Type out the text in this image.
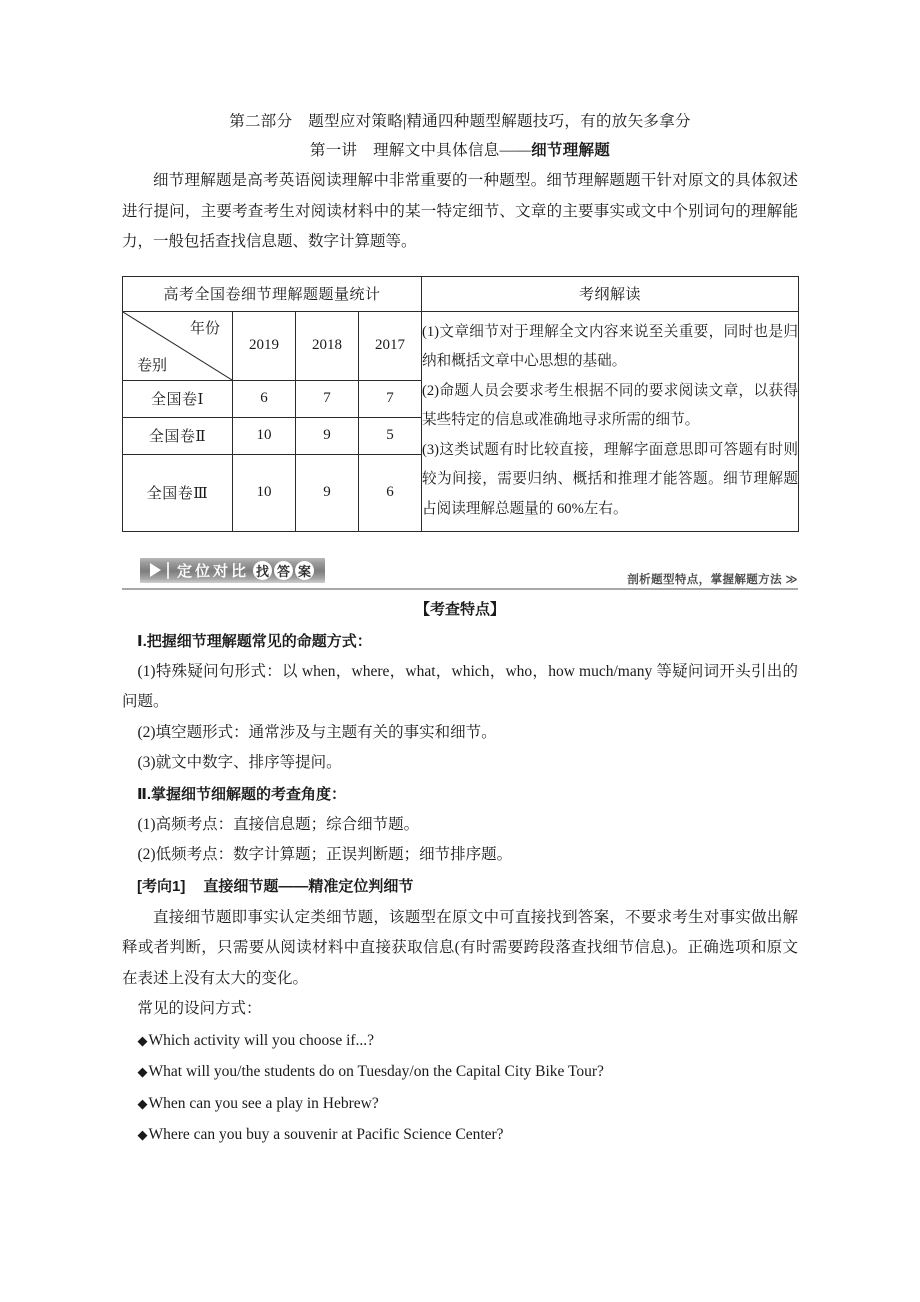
第二部分　题型应对策略|精通四种题型解题技巧，有的放矢多拿分
第一讲　理解文中具体信息——细节理解题

细节理解题是高考英语阅读理解中非常重要的一种题型。细节理解题题干针对原文的具体叙述进行提问，主要考查考生对阅读材料中的某一特定细节、文章的主要事实或文中个别词句的理解能力，一般包括查找信息题、数字计算题等。

高考全国卷细节理解题题量统计				考纲解读

年份
卷别
	2019	2018	2017	

(1)文章细节对于理解全文内容来说至关重要，同时也是归纳和概括文章中心思想的基础。

(2)命题人员会要求考生根据不同的要求阅读文章，以获得某些特定的信息或准确地寻求所需的细节。

(3)这类试题有时比较直接，理解字面意思即可答题有时则较为间接，需要归纳、概括和推理才能答题。细节理解题占阅读理解总题量的 60%左右。

全国卷Ⅰ	6	7	7	
全国卷Ⅱ	10	9	5	
全国卷Ⅲ	10	9	6	
定位对比 找 答 案
剖析题型特点，掌握解题方法 ≫
【考查特点】
Ⅰ.把握细节理解题常见的命题方式：

(1)特殊疑问句形式：以 when，where，what，which，who，how much/many 等疑问词开头引出的问题。

(2)填空题形式：通常涉及与主题有关的事实和细节。

(3)就文中数字、排序等提问。

Ⅱ.掌握细节细解题的考查角度：

(1)高频考点：直接信息题；综合细节题。

(2)低频考点：数字计算题；正误判断题；细节排序题。

[考向1] 直接细节题——精准定位判细节

直接细节题即事实认定类细节题，该题型在原文中可直接找到答案，不要求考生对事实做出解释或者判断，只需要从阅读材料中直接获取信息(有时需要跨段落查找细节信息)。正确选项和原文在表述上没有太大的变化。

常见的设问方式：

◆Which activity will you choose if...?
◆What will you/the students do on Tuesday/on the Capital City Bike Tour?
◆When can you see a play in Hebrew?
◆Where can you buy a souvenir at Pacific Science Center?
